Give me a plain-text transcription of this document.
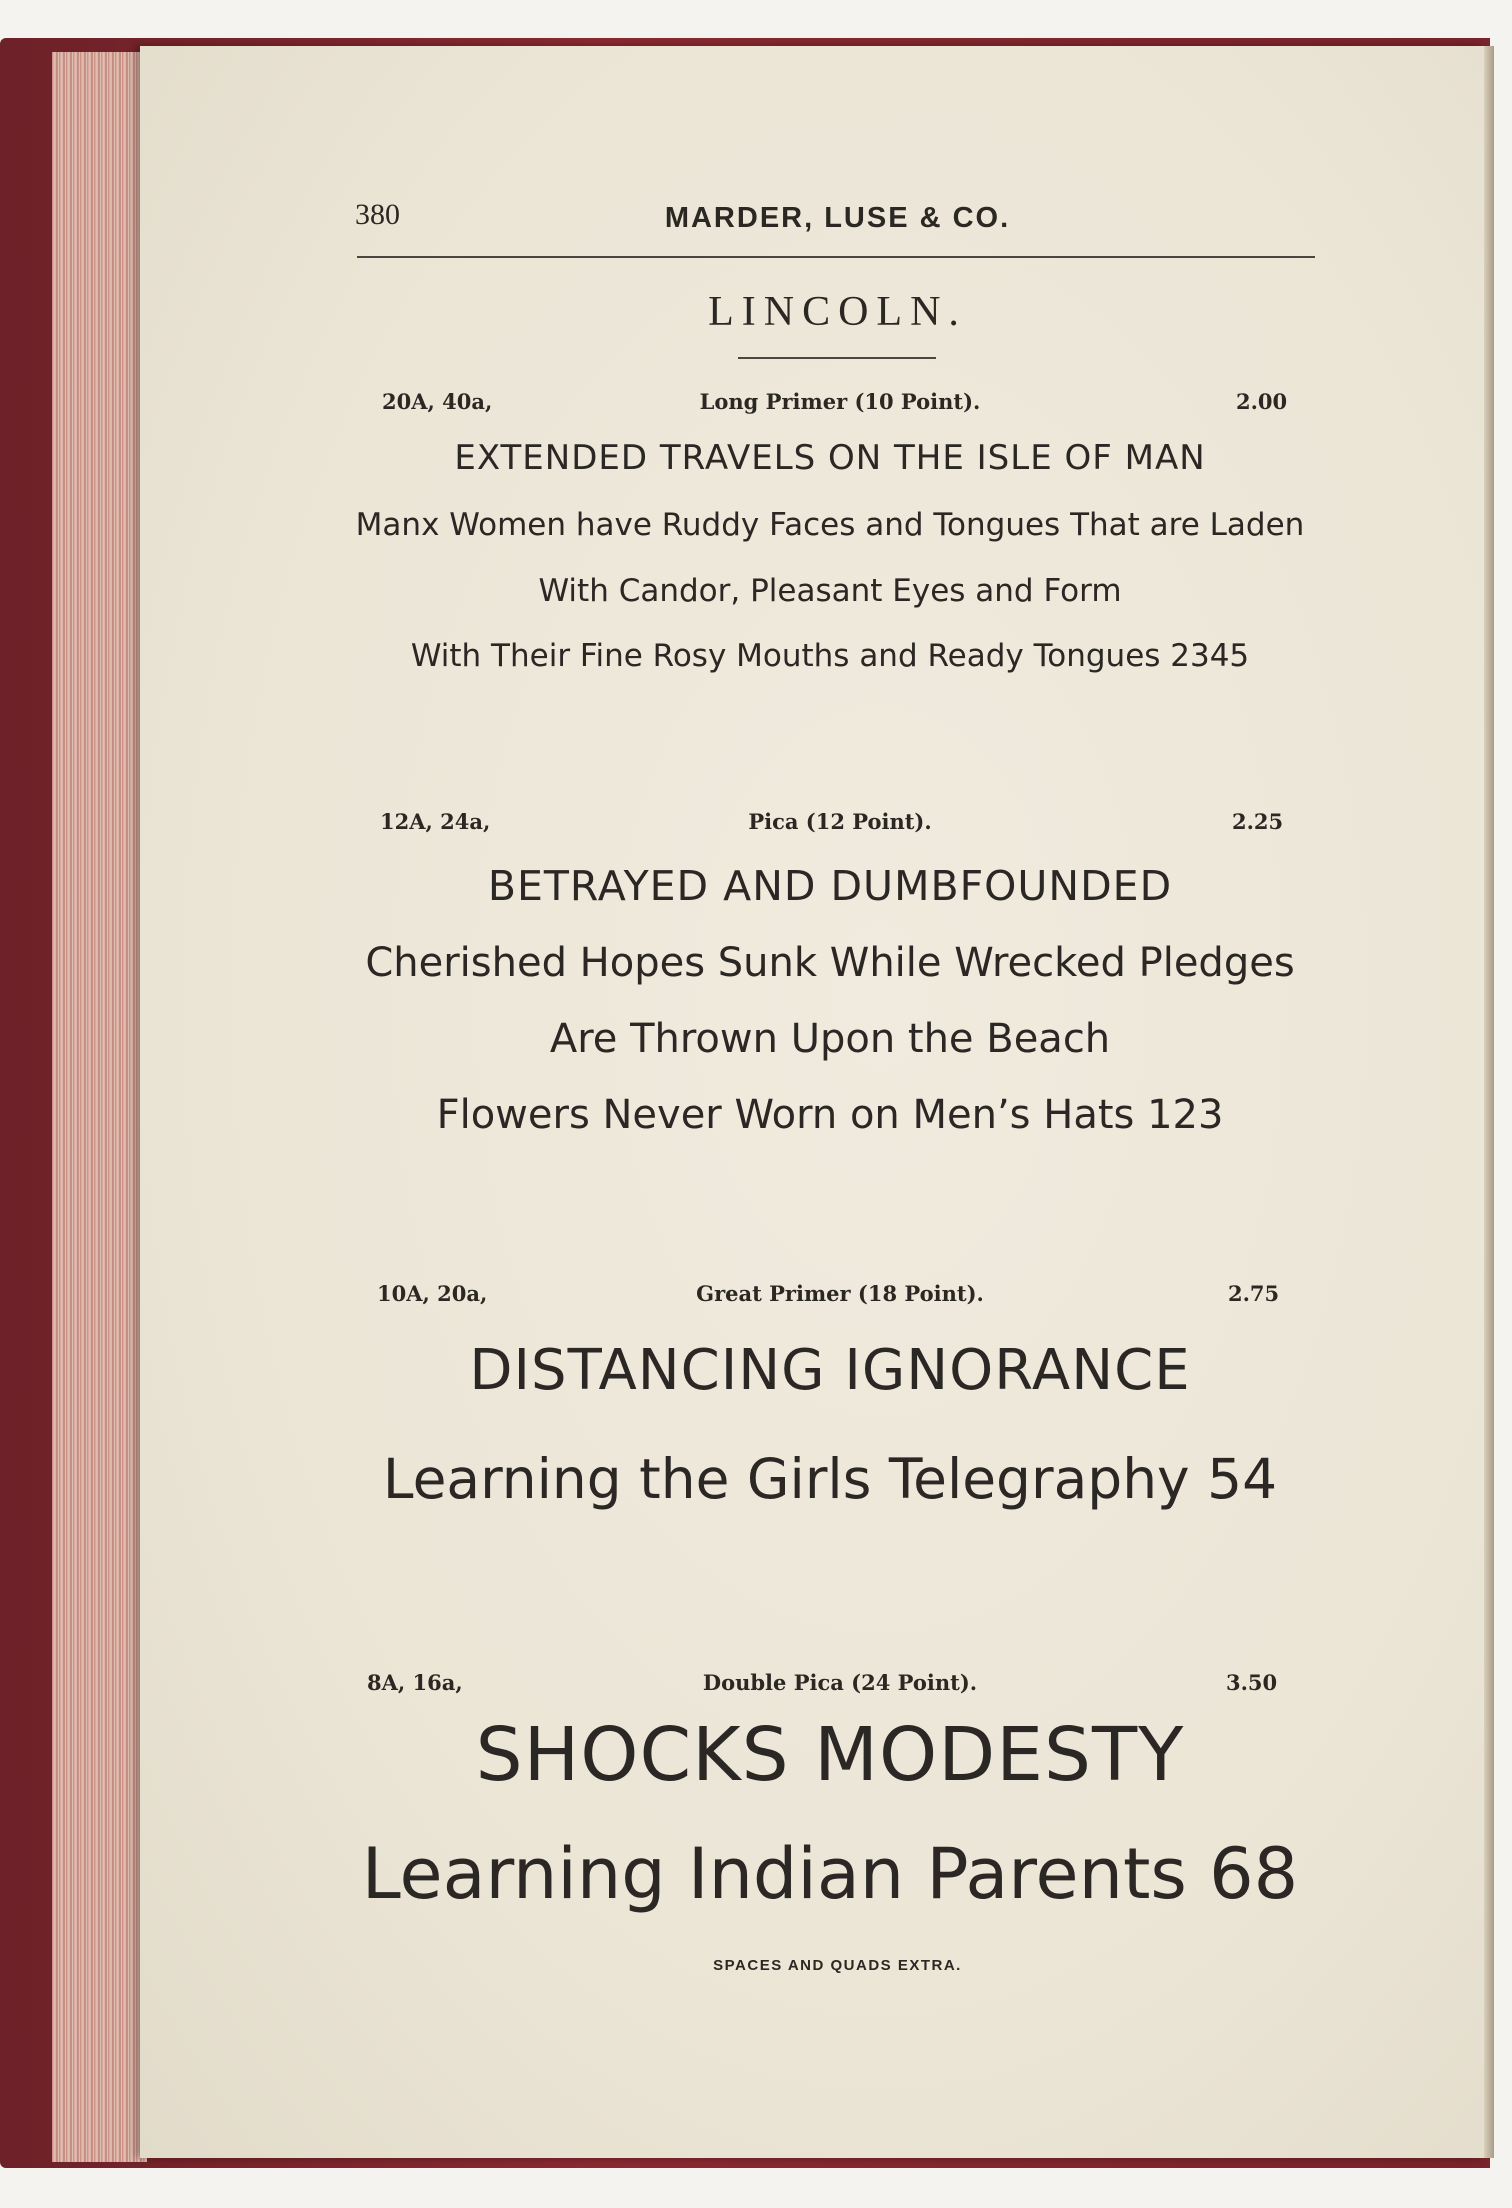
380	MARDER, LUSE & CO.

LINCOLN.

20A, 40a,	Long Primer (10 Point).	2.00

EXTENDED TRAVELS ON THE ISLE OF MAN

Manx Women have Ruddy Faces and Tongues That are Laden

With Candor, Pleasant Eyes and Form

With Their Fine Rosy Mouths and Ready Tongues 2345

12A, 24a,	Pica (12 Point).	2.25

BETRAYED AND DUMBFOUNDED

Cherished Hopes Sunk While Wrecked Pledges

Are Thrown Upon the Beach

Flowers Never Worn on Men’s Hats 123

10A, 20a,	Great Primer (18 Point).	2.75

DISTANCING IGNORANCE

Learning the Girls Telegraphy 54

8A, 16a,	Double Pica (24 Point).	3.50

SHOCKS MODESTY

Learning Indian Parents 68

SPACES AND QUADS EXTRA.
